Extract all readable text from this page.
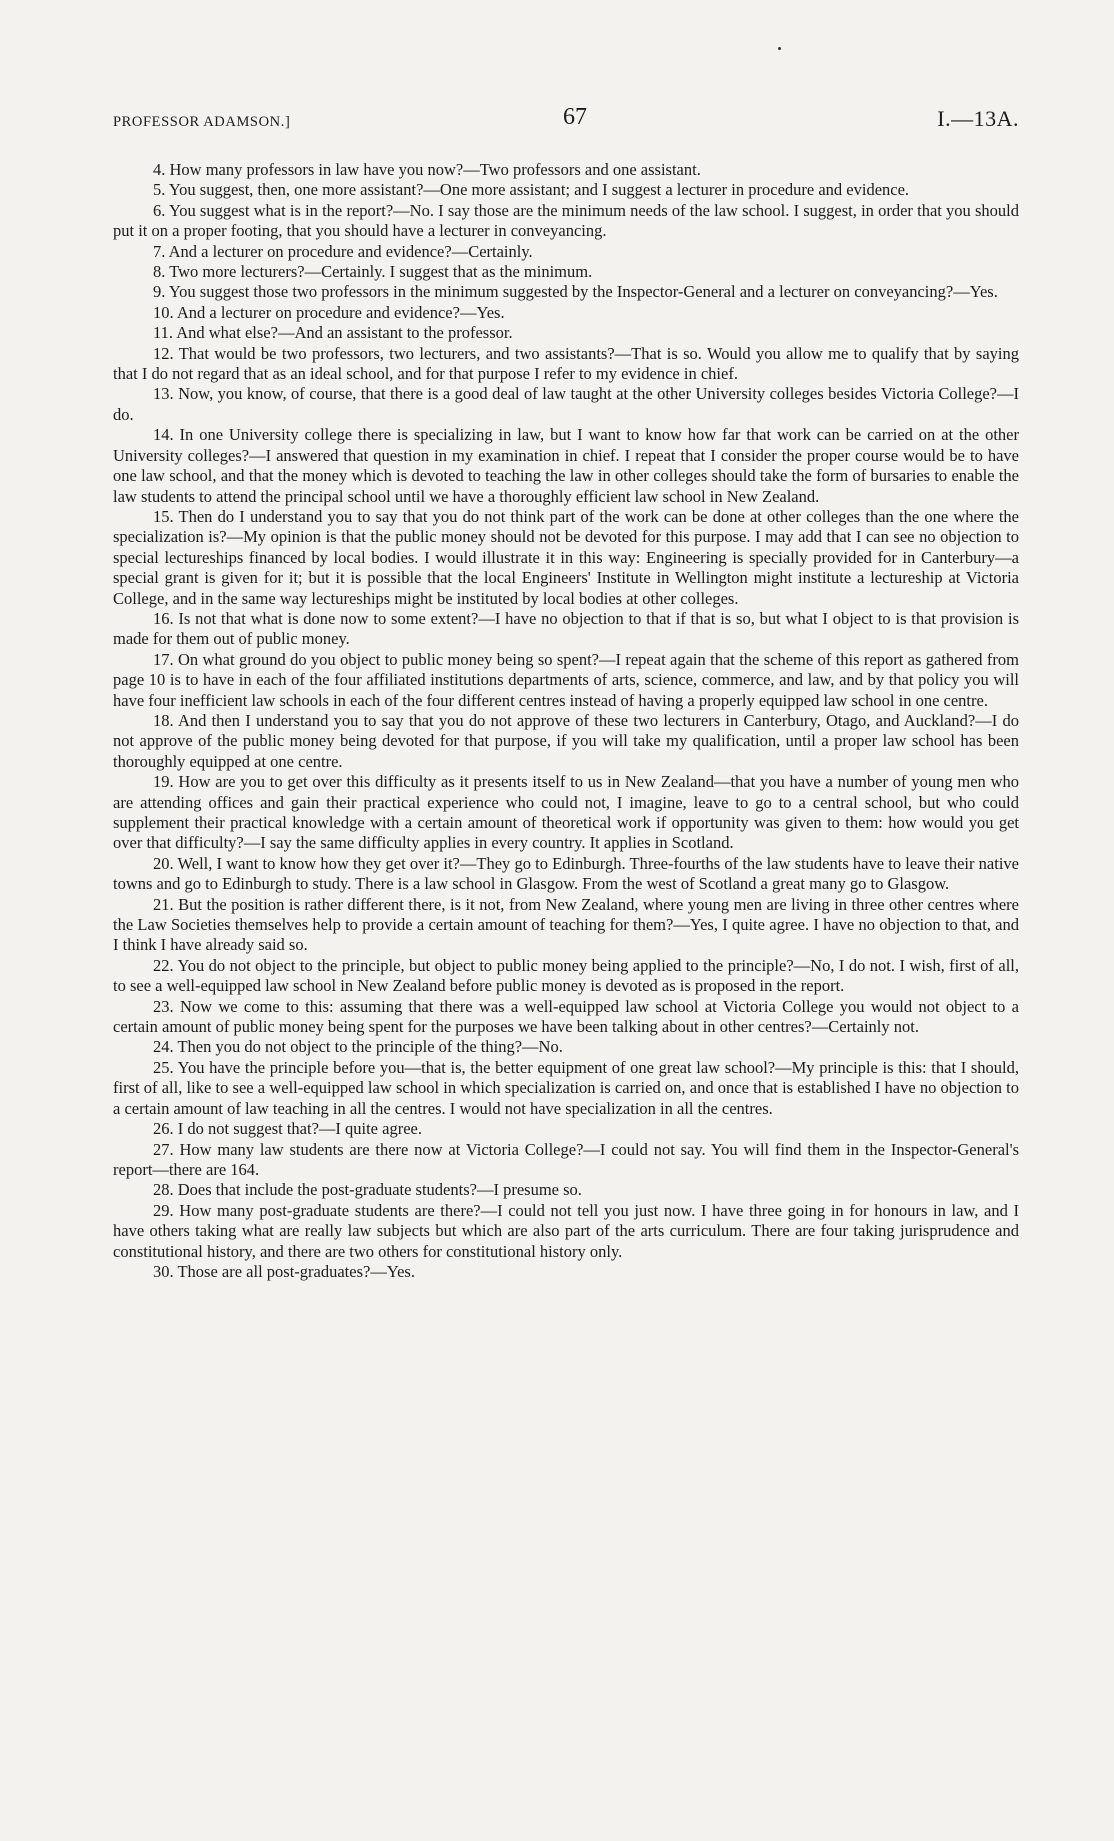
PROFESSOR ADAMSON.]	67	I.—13A.

4. How many professors in law have you now?—Two professors and one assistant.

5. You suggest, then, one more assistant?—One more assistant; and I suggest a lecturer in procedure and evidence.

6. You suggest what is in the report?—No. I say those are the minimum needs of the law school. I suggest, in order that you should put it on a proper footing, that you should have a lecturer in conveyancing.

7. And a lecturer on procedure and evidence?—Certainly.

8. Two more lecturers?—Certainly. I suggest that as the minimum.

9. You suggest those two professors in the minimum suggested by the Inspector-General and a lecturer on conveyancing?—Yes.

10. And a lecturer on procedure and evidence?—Yes.

11. And what else?—And an assistant to the professor.

12. That would be two professors, two lecturers, and two assistants?—That is so. Would you allow me to qualify that by saying that I do not regard that as an ideal school, and for that purpose I refer to my evidence in chief.

13. Now, you know, of course, that there is a good deal of law taught at the other University colleges besides Victoria College?—I do.

14. In one University college there is specializing in law, but I want to know how far that work can be carried on at the other University colleges?—I answered that question in my examination in chief. I repeat that I consider the proper course would be to have one law school, and that the money which is devoted to teaching the law in other colleges should take the form of bursaries to enable the law students to attend the principal school until we have a thoroughly efficient law school in New Zealand.

15. Then do I understand you to say that you do not think part of the work can be done at other colleges than the one where the specialization is?—My opinion is that the public money should not be devoted for this purpose. I may add that I can see no objection to special lectureships financed by local bodies. I would illustrate it in this way: Engineering is specially provided for in Canterbury—a special grant is given for it; but it is possible that the local Engineers' Institute in Wellington might institute a lectureship at Victoria College, and in the same way lectureships might be instituted by local bodies at other colleges.

16. Is not that what is done now to some extent?—I have no objection to that if that is so, but what I object to is that provision is made for them out of public money.

17. On what ground do you object to public money being so spent?—I repeat again that the scheme of this report as gathered from page 10 is to have in each of the four affiliated institutions departments of arts, science, commerce, and law, and by that policy you will have four inefficient law schools in each of the four different centres instead of having a properly equipped law school in one centre.

18. And then I understand you to say that you do not approve of these two lecturers in Canterbury, Otago, and Auckland?—I do not approve of the public money being devoted for that purpose, if you will take my qualification, until a proper law school has been thoroughly equipped at one centre.

19. How are you to get over this difficulty as it presents itself to us in New Zealand—that you have a number of young men who are attending offices and gain their practical experience who could not, I imagine, leave to go to a central school, but who could supplement their practical knowledge with a certain amount of theoretical work if opportunity was given to them: how would you get over that difficulty?—I say the same difficulty applies in every country. It applies in Scotland.

20. Well, I want to know how they get over it?—They go to Edinburgh. Three-fourths of the law students have to leave their native towns and go to Edinburgh to study. There is a law school in Glasgow. From the west of Scotland a great many go to Glasgow.

21. But the position is rather different there, is it not, from New Zealand, where young men are living in three other centres where the Law Societies themselves help to provide a certain amount of teaching for them?—Yes, I quite agree. I have no objection to that, and I think I have already said so.

22. You do not object to the principle, but object to public money being applied to the principle?—No, I do not. I wish, first of all, to see a well-equipped law school in New Zealand before public money is devoted as is proposed in the report.

23. Now we come to this: assuming that there was a well-equipped law school at Victoria College you would not object to a certain amount of public money being spent for the purposes we have been talking about in other centres?—Certainly not.

24. Then you do not object to the principle of the thing?—No.

25. You have the principle before you—that is, the better equipment of one great law school?—My principle is this: that I should, first of all, like to see a well-equipped law school in which specialization is carried on, and once that is established I have no objection to a certain amount of law teaching in all the centres. I would not have specialization in all the centres.

26. I do not suggest that?—I quite agree.

27. How many law students are there now at Victoria College?—I could not say. You will find them in the Inspector-General's report—there are 164.

28. Does that include the post-graduate students?—I presume so.

29. How many post-graduate students are there?—I could not tell you just now. I have three going in for honours in law, and I have others taking what are really law subjects but which are also part of the arts curriculum. There are four taking jurisprudence and constitutional history, and there are two others for constitutional history only.

30. Those are all post-graduates?—Yes.
